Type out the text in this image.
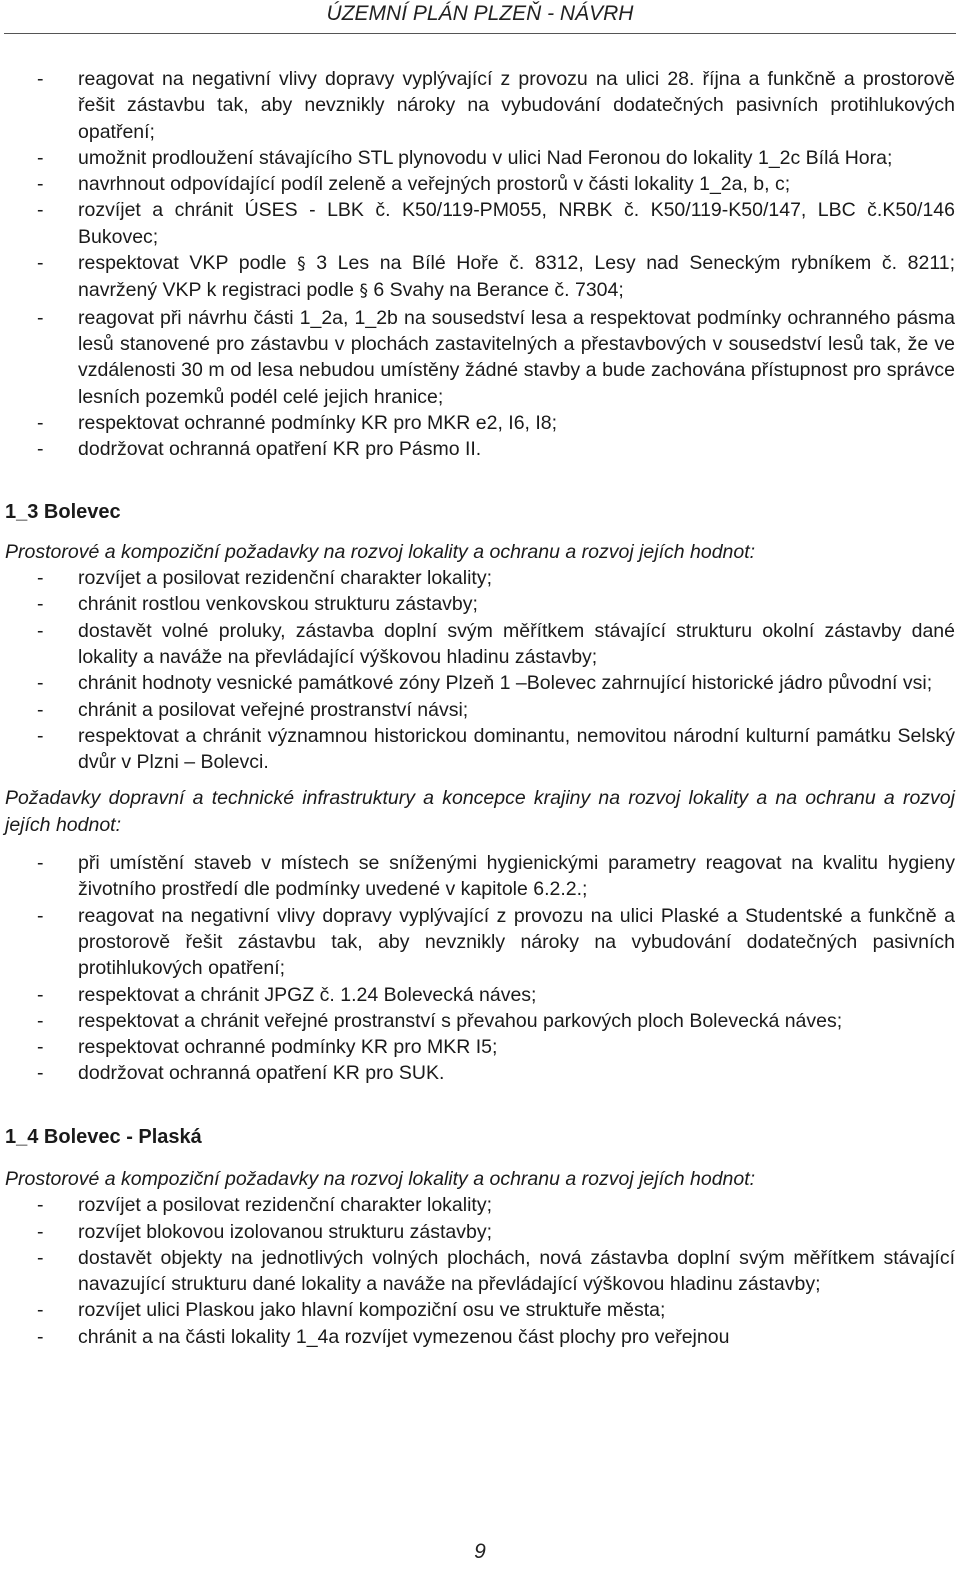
ÚZEMNÍ PLÁN PLZEŇ - NÁVRH
- reagovat na negativní vlivy dopravy vyplývající z provozu na ulici 28. října a funkčně a prostorově řešit zástavbu tak, aby nevznikly nároky na vybudování dodatečných pasivních protihlukových opatření;
- umožnit prodloužení stávajícího STL plynovodu v ulici Nad Feronou do lokality 1_2c Bílá Hora;
- navrhnout odpovídající podíl zeleně a veřejných prostorů v části lokality 1_2a, b, c;
- rozvíjet a chránit ÚSES - LBK č. K50/119-PM055, NRBK č. K50/119-K50/147, LBC č.K50/146 Bukovec;
- respektovat VKP podle § 3 Les na Bílé Hoře č. 8312, Lesy nad Seneckým rybníkem č. 8211; navržený VKP k registraci podle § 6 Svahy na Berance č. 7304;
- reagovat při návrhu části 1_2a, 1_2b na sousedství lesa a respektovat podmínky ochranného pásma lesů stanovené pro zástavbu v plochách zastavitelných a přestavbových v sousedství lesů tak, že ve vzdálenosti 30 m od lesa nebudou umístěny žádné stavby a bude zachována přístupnost pro správce lesních pozemků podél celé jejich hranice;
- respektovat ochranné podmínky KR pro MKR e2, I6, I8;
- dodržovat ochranná opatření KR pro Pásmo II.

1_3 Bolevec

Prostorové a kompoziční požadavky na rozvoj lokality a ochranu a rozvoj jejích hodnot:

- rozvíjet a posilovat rezidenční charakter lokality;
- chránit rostlou venkovskou strukturu zástavby;
- dostavět volné proluky, zástavba doplní svým měřítkem stávající strukturu okolní zástavby dané lokality a naváže na převládající výškovou hladinu zástavby;
- chránit hodnoty vesnické památkové zóny Plzeň 1 –Bolevec zahrnující historické jádro původní vsi;
- chránit a posilovat veřejné prostranství návsi;
- respektovat a chránit významnou historickou dominantu, nemovitou národní kulturní památku Selský dvůr v Plzni – Bolevci.

Požadavky dopravní a technické infrastruktury a koncepce krajiny na rozvoj lokality a na ochranu a rozvoj jejích hodnot:

- při umístění staveb v místech se sníženými hygienickými parametry reagovat na kvalitu hygieny životního prostředí dle podmínky uvedené v kapitole 6.2.2.;
- reagovat na negativní vlivy dopravy vyplývající z provozu na ulici Plaské a Studentské a funkčně a prostorově řešit zástavbu tak, aby nevznikly nároky na vybudování dodatečných pasivních protihlukových opatření;
- respektovat a chránit JPGZ č. 1.24 Bolevecká náves;
- respektovat a chránit veřejné prostranství s převahou parkových ploch Bolevecká náves;
- respektovat ochranné podmínky KR pro MKR I5;
- dodržovat ochranná opatření KR pro SUK.

1_4 Bolevec - Plaská

Prostorové a kompoziční požadavky na rozvoj lokality a ochranu a rozvoj jejích hodnot:

- rozvíjet a posilovat rezidenční charakter lokality;
- rozvíjet blokovou izolovanou strukturu zástavby;
- dostavět objekty na jednotlivých volných plochách, nová zástavba doplní svým měřítkem stávající navazující strukturu dané lokality a naváže na převládající výškovou hladinu zástavby;
- rozvíjet ulici Plaskou jako hlavní kompoziční osu ve struktuře města;
- chránit a na části lokality 1_4a rozvíjet vymezenou část plochy pro veřejnou
9
